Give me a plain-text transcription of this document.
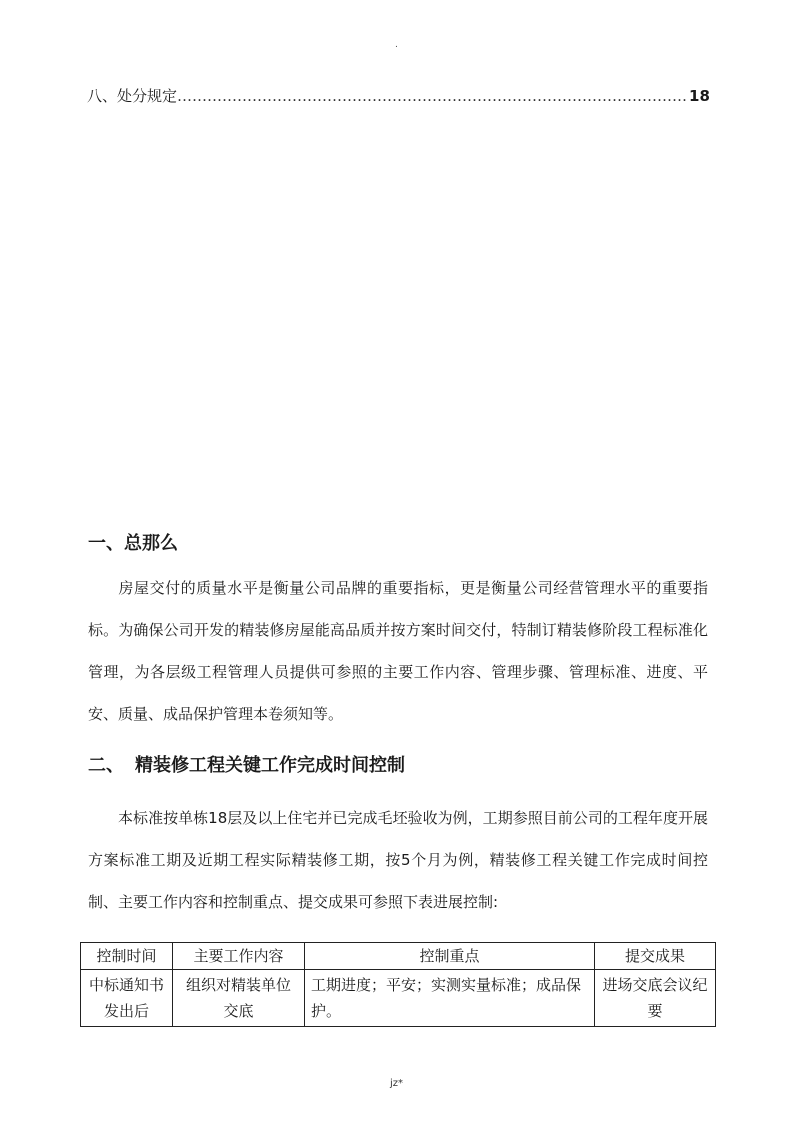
.
八、处分规定 ………………………………………………………………………………………… 18
一、总那么

房屋交付的质量水平是衡量公司品牌的重要指标，更是衡量公司经营管理水平的重要指标。为确保公司开发的精装修房屋能高品质并按方案时间交付，特制订精装修阶段工程标准化管理，为各层级工程管理人员提供可参照的主要工作内容、管理步骤、管理标准、进度、平安、质量、成品保护管理本卷须知等。

二、 精装修工程关键工作完成时间控制

本标准按单栋18层及以上住宅并已完成毛坯验收为例，工期参照目前公司的工程年度开展方案标准工期及近期工程实际精装修工期，按5个月为例，精装修工程关键工作完成时间控制、主要工作内容和控制重点、提交成果可参照下表进展控制:

控制时间	主要工作内容	控制重点	提交成果
中标通知书发出后	组织对精装单位交底	工期进度；平安；实测实量标准；成品保护。	进场交底会议纪要
jz*
